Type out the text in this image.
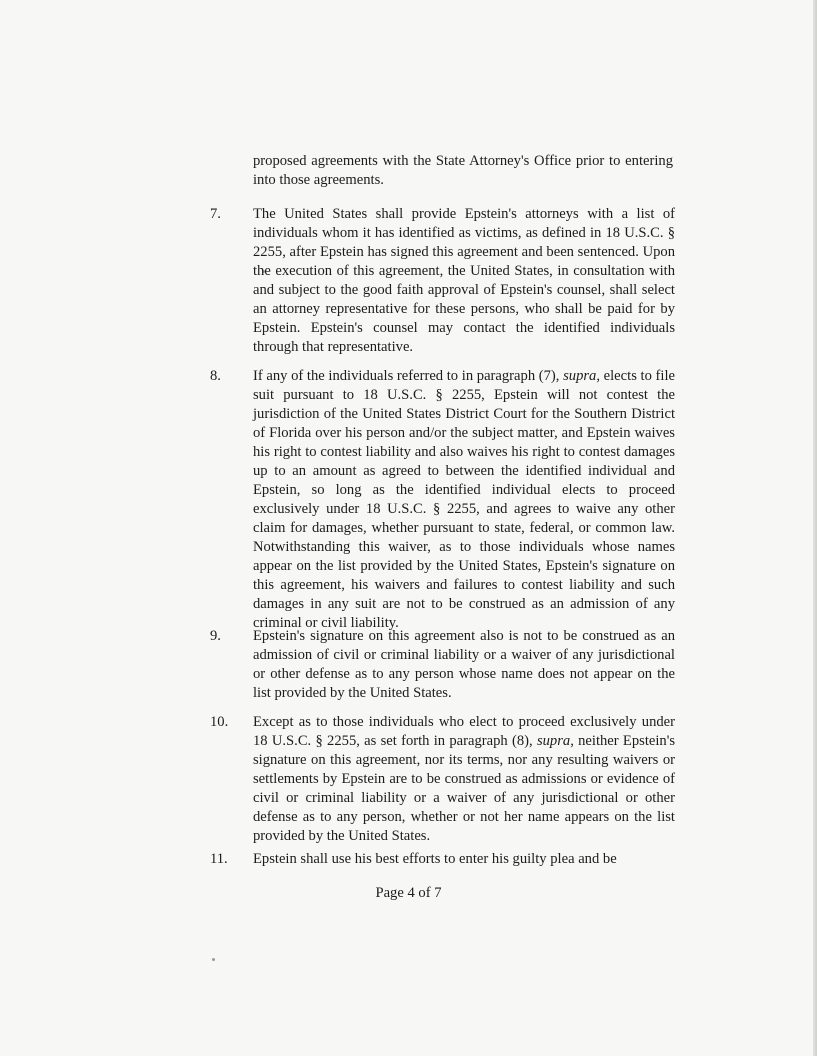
proposed agreements with the State Attorney's Office prior to entering into those agreements.
7. The United States shall provide Epstein's attorneys with a list of individuals whom it has identified as victims, as defined in 18 U.S.C. § 2255, after Epstein has signed this agreement and been sentenced. Upon the execution of this agreement, the United States, in consultation with and subject to the good faith approval of Epstein's counsel, shall select an attorney representative for these persons, who shall be paid for by Epstein. Epstein's counsel may contact the identified individuals through that representative.
8. If any of the individuals referred to in paragraph (7), supra, elects to file suit pursuant to 18 U.S.C. § 2255, Epstein will not contest the jurisdiction of the United States District Court for the Southern District of Florida over his person and/or the subject matter, and Epstein waives his right to contest liability and also waives his right to contest damages up to an amount as agreed to between the identified individual and Epstein, so long as the identified individual elects to proceed exclusively under 18 U.S.C. § 2255, and agrees to waive any other claim for damages, whether pursuant to state, federal, or common law. Notwithstanding this waiver, as to those individuals whose names appear on the list provided by the United States, Epstein's signature on this agreement, his waivers and failures to contest liability and such damages in any suit are not to be construed as an admission of any criminal or civil liability.
9. Epstein's signature on this agreement also is not to be construed as an admission of civil or criminal liability or a waiver of any jurisdictional or other defense as to any person whose name does not appear on the list provided by the United States.
10. Except as to those individuals who elect to proceed exclusively under 18 U.S.C. § 2255, as set forth in paragraph (8), supra, neither Epstein's signature on this agreement, nor its terms, nor any resulting waivers or settlements by Epstein are to be construed as admissions or evidence of civil or criminal liability or a waiver of any jurisdictional or other defense as to any person, whether or not her name appears on the list provided by the United States.
11. Epstein shall use his best efforts to enter his guilty plea and be
Page 4 of 7
